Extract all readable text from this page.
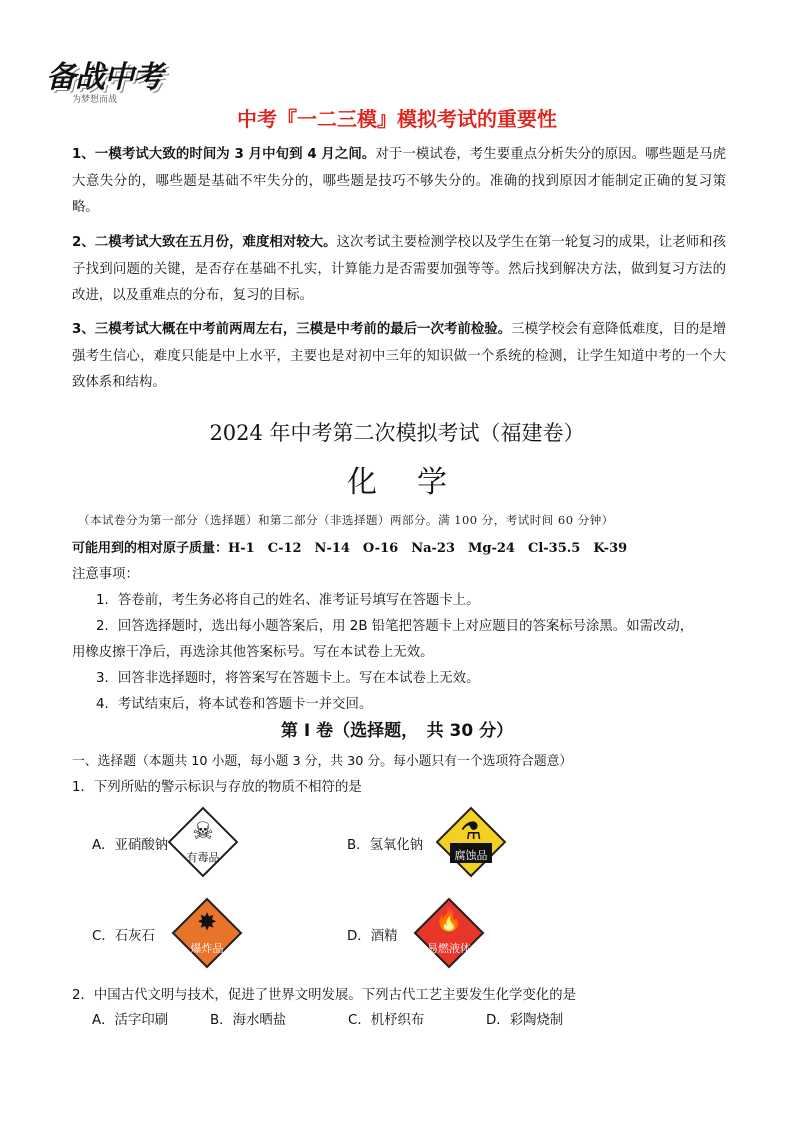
备战中考
为梦想而战
中考『一二三模』模拟考试的重要性
1、一模考试大致的时间为 3 月中旬到 4 月之间。对于一模试卷，考生要重点分析失分的原因。哪些题是马虎大意失分的，哪些题是基础不牢失分的，哪些题是技巧不够失分的。准确的找到原因才能制定正确的复习策略。
2、二模考试大致在五月份，难度相对较大。这次考试主要检测学校以及学生在第一轮复习的成果，让老师和孩子找到问题的关键，是否存在基础不扎实，计算能力是否需要加强等等。然后找到解决方法，做到复习方法的改进，以及重难点的分布，复习的目标。
3、三模考试大概在中考前两周左右，三模是中考前的最后一次考前检验。三模学校会有意降低难度，目的是增强考生信心，难度只能是中上水平，主要也是对初中三年的知识做一个系统的检测，让学生知道中考的一个大致体系和结构。
2024 年中考第二次模拟考试（福建卷）
化学
（本试卷分为第一部分（选择题）和第二部分（非选择题）两部分。满 100 分，考试时间 60 分钟）
可能用到的相对原子质量：H-1　C-12　N-14　O-16　Na-23　Mg-24　Cl-35.5　K-39
注意事项：
1．答卷前，考生务必将自己的姓名、准考证号填写在答题卡上。
2．回答选择题时，选出每小题答案后，用 2B 铅笔把答题卡上对应题目的答案标号涂黑。如需改动，
用橡皮擦干净后，再选涂其他答案标号。写在本试卷上无效。
3．回答非选择题时，将答案写在答题卡上。写在本试卷上无效。
4．考试结束后，将本试卷和答题卡一并交回。
第 I 卷（选择题，　共 30 分）
一、选择题（本题共 10 小题，每小题 3 分，共 30 分。每小题只有一个选项符合题意）
1．下列所贴的警示标识与存放的物质不相符的是
A．亚硝酸钠
☠
有毒品
B．氢氧化钠
⚗
腐蚀品
C．石灰石
✸
爆炸品
D．酒精
🔥
易燃液体
2．中国古代文明与技术，促进了世界文明发展。下列古代工艺主要发生化学变化的是
A．活字印刷	B．海水晒盐	C．机杼织布	D．彩陶烧制
